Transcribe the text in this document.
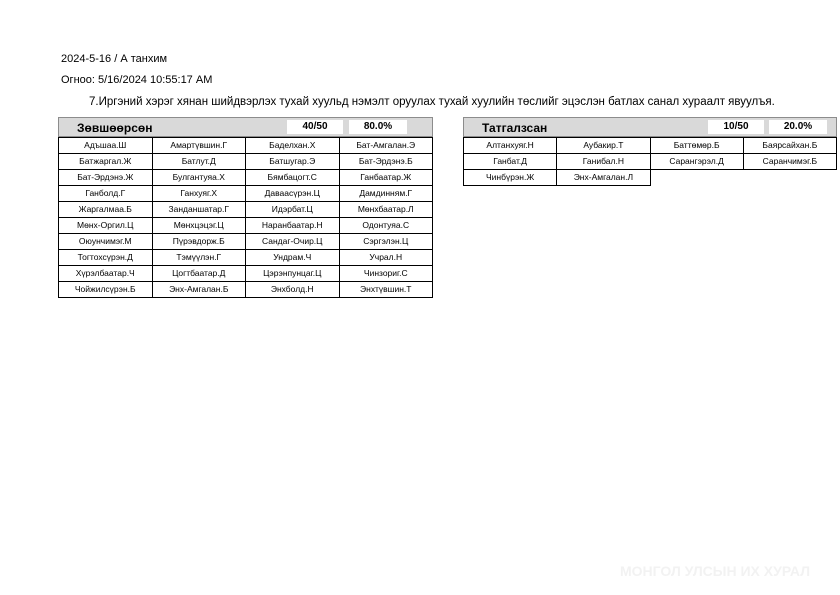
2024-5-16 / А танхим
Огноо: 5/16/2024 10:55:17 AM
7.Иргэний хэрэг хянан шийдвэрлэх тухай хуульд нэмэлт оруулах тухай хуулийн төслийг эцэслэн батлах санал хураалт явуулъя.
Зөвшөөрсөн	40/50	80.0%
Адъшаа.Ш	Амартүвшин.Г	Баделхан.Х	Бат-Амгалан.Э
Батжаргал.Ж	Батлут.Д	Батшугар.Э	Бат-Эрдэнэ.Б
Бат-Эрдэнэ.Ж	Булгантуяа.Х	Бямбацогт.С	Ганбаатар.Ж
Ганболд.Г	Ганхуяг.Х	Даваасүрэн.Ц	Дамдинням.Г
Жаргалмаа.Б	Занданшатар.Г	Идэрбат.Ц	Мөнхбаатар.Л
Мөнх-Оргил.Ц	Мөнхцэцэг.Ц	Наранбаатар.Н	Одонтуяа.С
Оюунчимэг.М	Пүрэвдорж.Б	Сандаг-Очир.Ц	Сэргэлэн.Ц
Тогтохсүрэн.Д	Тэмүүлэн.Г	Ундрам.Ч	Учрал.Н
Хүрэлбаатар.Ч	Цогтбаатар.Д	Цэрэнпунцаг.Ц	Чинзориг.С
Чойжилсүрэн.Б	Энх-Амгалан.Б	Энхболд.Н	Энхтүвшин.Т
Татгалзсан	10/50	20.0%
Алтанхуяг.Н	Аубакир.Т	Баттөмөр.Б	Баярсайхан.Б
Ганбат.Д	Ганибал.Н	Сарангэрэл.Д	Саранчимэг.Б
Чинбүрэн.Ж	Энх-Амгалан.Л
МОНГОЛ УЛСЫН ИХ ХУРАЛ
